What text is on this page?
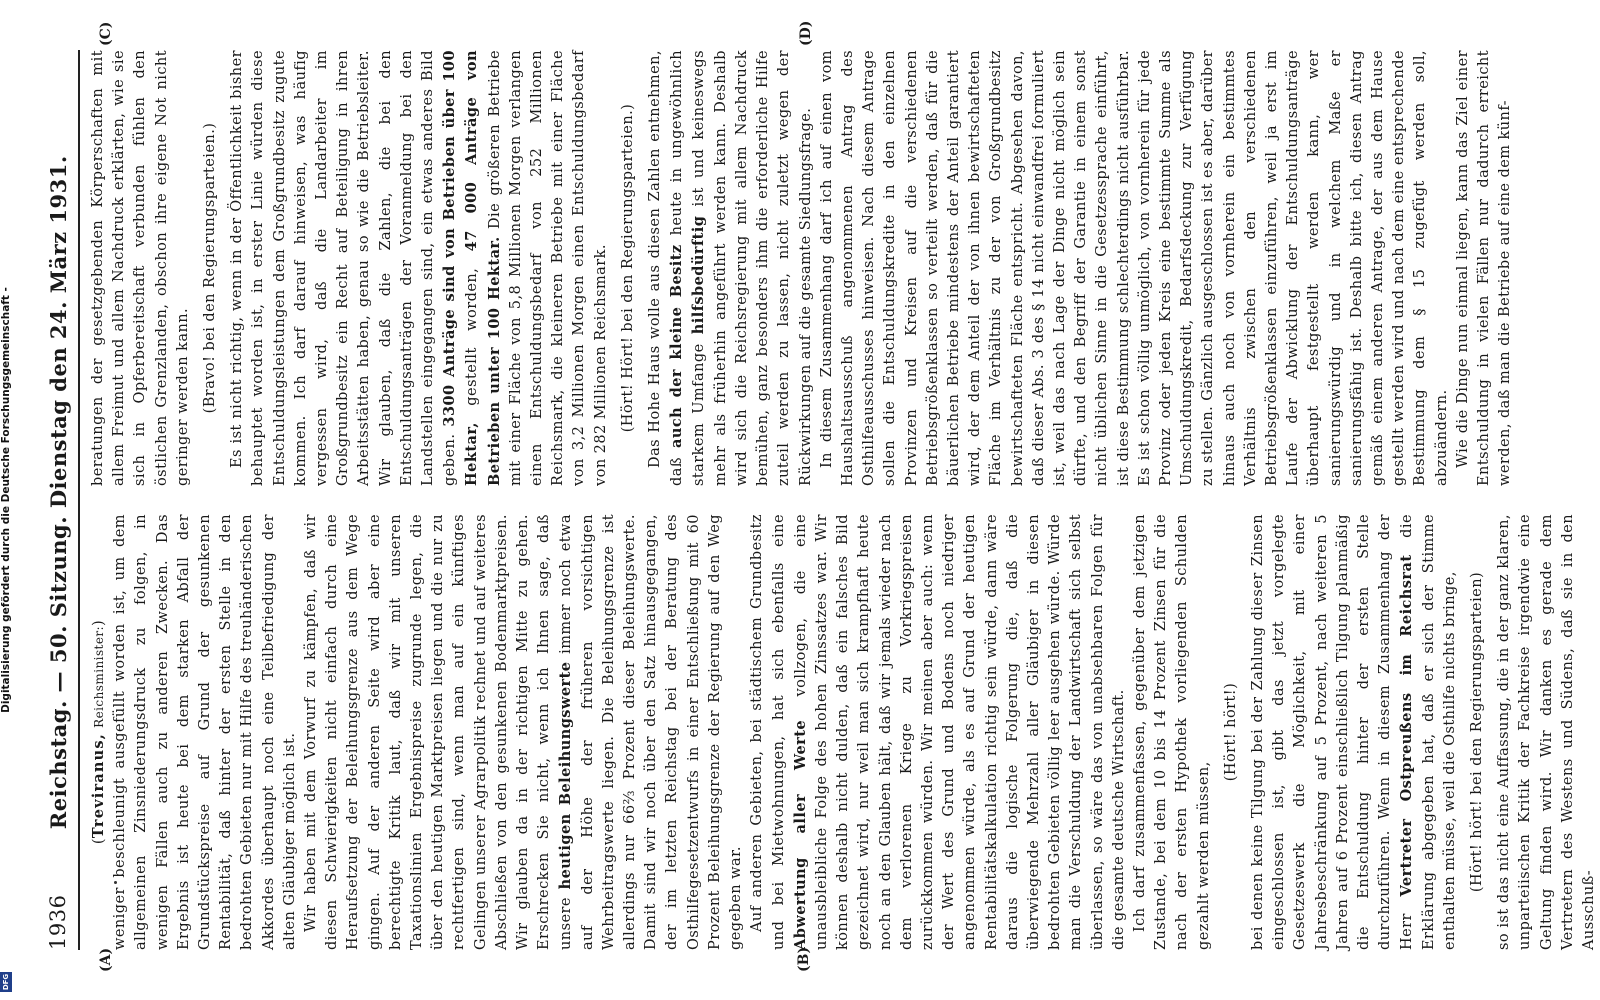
1936
Reichstag. — 50. Sitzung. Dienstag den 24. März 1931.
(A)	(B)
(C)	(D)

(Treviranus, Reichsminister:) weniger beschleunigt ausgefüllt worden ist, um dem allgemeinen Zinsniederungsdruck zu folgen, in wenigen Fällen auch zu anderen Zwecken. Das Ergebnis ist heute bei dem starken Abfall der Grundstückspreise auf Grund der gesunkenen Rentabilität, daß hinter der ersten Stelle in den bedrohten Gebieten nur mit Hilfe des treuhänderischen Akkordes überhaupt noch eine Teilbefriedigung der alten Gläubiger möglich ist. Wir haben mit dem Vorwurf zu kämpfen, daß wir diesen Schwierigkeiten nicht einfach durch eine Heraufsetzung der Beleihungsgrenze aus dem Wege gingen. Auf der anderen Seite wird aber eine berechtigte Kritik laut, daß wir mit unseren Taxationslinien Ergebnispreise zugrunde legen, die über den heutigen Marktpreisen liegen und die nur zu rechtfertigen sind, wenn man auf ein künftiges Gelingen unserer Agrarpolitik rechnet und auf weiteres Abschließen von den gesunkenen Bodenmarktpreisen. Wir glauben da in der richtigen Mitte zu gehen. Erschrecken Sie nicht, wenn ich Ihnen sage, daß unsere heutigen Beleihungswerte immer noch etwa auf der Höhe der früheren vorsichtigen Wehrbeitragswerte liegen. Die Beleihungsgrenze ist allerdings nur 66⅔ Prozent dieser Beleihungswerte. Damit sind wir noch über den Satz hinausgegangen, der im letzten Reichstag bei der Beratung des Osthilfegesetzentwurfs in einer Entschließung mit 60 Prozent Beleihungsgrenze der Regierung auf den Weg gegeben war. Auf anderen Gebieten, bei städtischem Grundbesitz und bei Mietwohnungen, hat sich ebenfalls eine Abwertung aller Werte vollzogen, die eine unausbleibliche Folge des hohen Zinssatzes war. Wir können deshalb nicht dulden, daß ein falsches Bild gezeichnet wird, nur weil man sich krampfhaft heute noch an den Glauben hält, daß wir jemals wieder nach dem verlorenen Kriege zu Vorkriegspreisen zurückkommen würden. Wir meinen aber auch: wenn der Wert des Grund und Bodens noch niedriger angenommen würde, als es auf Grund der heutigen Rentabilitätskalkulation richtig sein würde, dann wäre daraus die logische Folgerung die, daß die überwiegende Mehrzahl aller Gläubiger in diesen bedrohten Gebieten völlig leer ausgehen würde. Würde man die Verschuldung der Landwirtschaft sich selbst überlassen, so wäre das von unabsehbaren Folgen für die gesamte deutsche Wirtschaft. Ich darf zusammenfassen, gegenüber dem jetzigen Zustande, bei dem 10 bis 14 Prozent Zinsen für die nach der ersten Hypothek vorliegenden Schulden gezahlt werden müssen,

(Hört! hört!) bei denen keine Tilgung bei der Zahlung dieser Zinsen eingeschlossen ist, gibt das jetzt vorgelegte Gesetzeswerk die Möglichkeit, mit einer Jahresbeschränkung auf 5 Prozent, nach weiteren 5 Jahren auf 6 Prozent einschließlich Tilgung planmäßig die Entschuldung hinter der ersten Stelle durchzuführen. Wenn in diesem Zusammenhang der Herr Vertreter Ostpreußens im Reichsrat die Erklärung abgegeben hat, daß er sich der Stimme enthalten müsse, weil die Osthilfe nichts bringe, (Hört! hört! bei den Regierungsparteien) so ist das nicht eine Auffassung, die in der ganz klaren, unparteiischen Kritik der Fachkreise irgendwie eine Geltung finden wird. Wir danken es gerade dem Vertretern des Westens und Südens, daß sie in den Ausschuß-

beratungen der gesetzgebenden Körperschaften mit allem Freimut und allem Nachdruck erklärten, wie sie sich in Opferbereitschaft verbunden fühlen den östlichen Grenzlanden, obschon ihre eigene Not nicht geringer werden kann. (Bravo! bei den Regierungsparteien.) Es ist nicht richtig, wenn in der Öffentlichkeit bisher behauptet worden ist, in erster Linie würden diese Entschuldungsleistungen dem Großgrundbesitz zugute kommen. Ich darf darauf hinweisen, was häufig vergessen wird, daß die Landarbeiter im Großgrundbesitz ein Recht auf Beteiligung in ihren Arbeitsstätten haben, genau so wie die Betriebsleiter. Wir glauben, daß die Zahlen, die bei den Entschuldungsanträgen der Voranmeldung bei den Landstellen eingegangen sind, ein etwas anderes Bild geben. 3300 Anträge sind von Betrieben über 100 Hektar, gestellt worden, 47 000 Anträge von Betrieben unter 100 Hektar. Die größeren Betriebe mit einer Fläche von 5,8 Millionen Morgen verlangen einen Entschuldungsbedarf von 252 Millionen Reichsmark, die kleineren Betriebe mit einer Fläche von 3,2 Millionen Morgen einen Entschuldungsbedarf von 282 Millionen Reichsmark. (Hört! Hört! bei den Regierungsparteien.) Das Hohe Haus wolle aus diesen Zahlen entnehmen, daß auch der kleine Besitz heute in ungewöhnlich starkem Umfange hilfsbedürftig ist und keineswegs mehr als früherhin angeführt werden kann. Deshalb wird sich die Reichsregierung mit allem Nachdruck bemühen, ganz besonders ihm die erforderliche Hilfe zuteil werden zu lassen, nicht zuletzt wegen der Rückwirkungen auf die gesamte Siedlungsfrage. In diesem Zusammenhang darf ich auf einen vom Haushaltsausschuß angenommenen Antrag des Osthilfeausschusses hinweisen. Nach diesem Antrage sollen die Entschuldungskredite in den einzelnen Provinzen und Kreisen auf die verschiedenen Betriebsgrößenklassen so verteilt werden, daß für die bäuerlichen Betriebe mindestens der Anteil garantiert wird, der dem Anteil der von ihnen bewirtschafteten Fläche im Verhältnis zu der von Großgrundbesitz bewirtschafteten Fläche entspricht. Abgesehen davon, daß dieser Abs. 3 des § 14 nicht einwandfrei formuliert ist, weil das nach Lage der Dinge nicht möglich sein dürfte, und den Begriff der Garantie in einem sonst nicht üblichen Sinne in die Gesetzessprache einführt, ist diese Bestimmung schlechterdings nicht ausführbar. Es ist schon völlig unmöglich, von vornherein für jede Provinz oder jeden Kreis eine bestimmte Summe als Umschuldungskredit, Bedarfsdeckung zur Verfügung zu stellen. Gänzlich ausgeschlossen ist es aber, darüber hinaus auch noch von vornherein ein bestimmtes Verhältnis zwischen den verschiedenen Betriebsgrößenklassen einzuführen, weil ja erst im Laufe der Abwicklung der Entschuldungsanträge überhaupt festgestellt werden kann, wer sanierungswürdig und in welchem Maße er sanierungsfähig ist. Deshalb bitte ich, diesen Antrag gemäß einem anderen Antrage, der aus dem Hause gestellt werden wird und nach dem eine entsprechende Bestimmung dem § 15 zugefügt werden soll, abzuändern. Wie die Dinge nun einmal liegen, kann das Ziel einer Entschuldung in vielen Fällen nur dadurch erreicht werden, daß man die Betriebe auf eine dem künf-

Digitalisierung gefördert durch die Deutsche Forschungsgemeinschaft -
DFG
